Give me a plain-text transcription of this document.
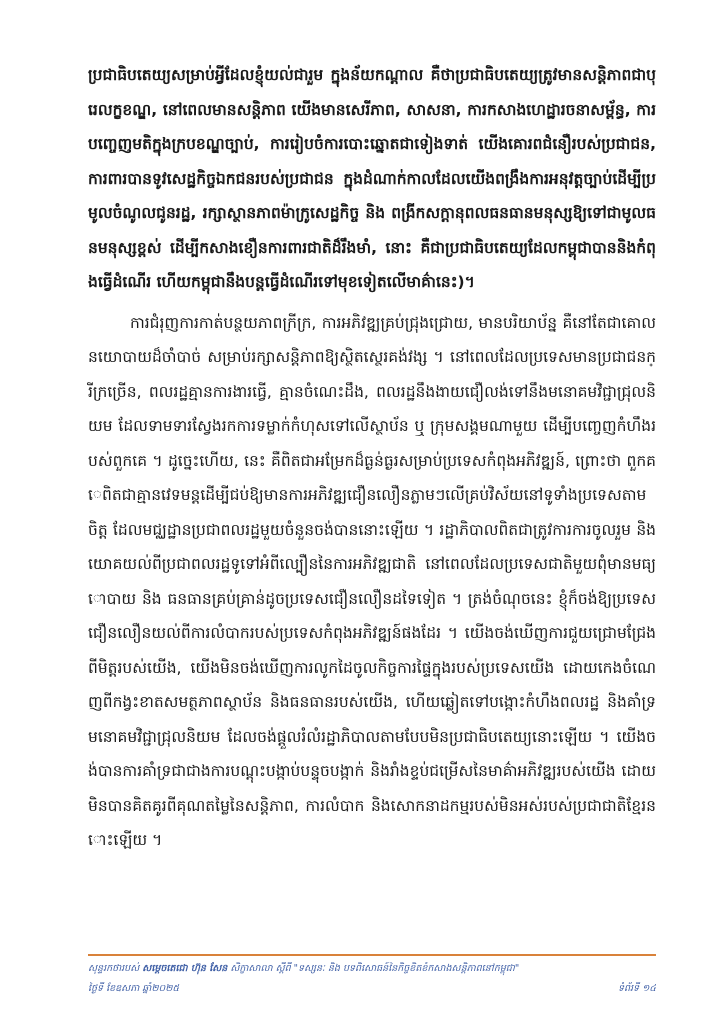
ប្រជាធិបតេយ្យសម្រាប់អ្វីដែលខ្ញុំយល់ជារួម ក្នុងន័យកណ្តាល គឺថាប្រជាធិបតេយ្យត្រូវមានសន្តិភាពជាបុរេលក្ខខណ្ឌ, នៅពេលមានសន្តិភាព យើងមានសេរីភាព, សាសនា, ការកសាងហេដ្ឋារចនាសម្ព័ន្ធ, ការបញ្ចេញមតិក្នុងក្របខណ្ឌច្បាប់, ការរៀបចំការបោះឆ្នោតជាទៀងទាត់ យើងគោរពជំនឿរបស់ប្រជាជន, ការពារបានទូវសេដ្ឋកិច្ចឯកជនរបស់ប្រជាជន ក្នុងដំណាក់កាលដែលយើងពង្រឹងការអនុវត្តច្បាប់ដើម្បីប្រមូលចំណូលជូនរដ្ឋ, រក្សាស្ថានភាពម៉ាក្រូសេដ្ឋកិច្ច និង ពង្រីកសក្តានុពលធនធានមនុស្សឱ្យទៅជាមូលធនមនុស្សខ្ពស់ ដើម្បីកសាងខឿនការពារជាតិដ៏រឹងមាំ, នោះ គឺជាប្រជាធិបតេយ្យដែលកម្ពុជាបាននិងកំពុងធ្វើដំណើរ ហើយកម្ពុជានឹងបន្តធ្វើដំណើរទៅមុខទៀតលើមាគ៌ានេះ)។

ការជំរុញការកាត់បន្ថយភាពក្រីក្រ, ការអភិវឌ្ឍគ្រប់ជ្រុងជ្រោយ, មានបរិយាប័ន្ន គឺនៅតែជាគោលនយោបាយដ៏ចាំបាច់ សម្រាប់រក្សាសន្តិភាពឱ្យស្ថិតស្ថេរគង់វង្ស ។ នៅពេលដែលប្រទេសមានប្រជាជនក្រីក្រច្រើន, ពលរដ្ឋគ្មានការងារធ្វើ, គ្មានចំណេះដឹង, ពលរដ្ឋនឹងងាយជឿលង់ទៅនឹងមនោគមវិជ្ជាជ្រុលនិយម ដែលទាមទារស្វែងរកការទម្លាក់កំហុសទៅលើស្ថាប័ន ឬ ក្រុមសង្គមណាមួយ ដើម្បីបញ្ចេញកំហឹងរបស់ពួកគេ ។ ដូច្នេះហើយ, នេះ គឺពិតជាអម្រែកដ៏ធ្ងន់ធ្ងរសម្រាប់ប្រទេសកំពុងអភិវឌ្ឍន៍, ព្រោះថា ពួកគេពិតជាគ្មានវេទមន្តដើម្បីជប់ឱ្យមានការអភិវឌ្ឍជឿនលឿនភ្លាមៗលើគ្រប់វិស័យនៅទូទាំងប្រទេសតាមចិត្ត ដែលមជ្ឈដ្ឋានប្រជាពលរដ្ឋមួយចំនួនចង់បាននោះឡើយ ។ រដ្ឋាភិបាលពិតជាត្រូវការការចូលរួម និង យោគយល់ពីប្រជាពលរដ្ឋទូទៅអំពីល្បឿននៃការអភិវឌ្ឍជាតិ នៅពេលដែលប្រទេសជាតិមួយពុំមានមធ្យោបាយ និង ធនធានគ្រប់គ្រាន់ដូចប្រទេសជឿនលឿនដទៃទៀត ។ ត្រង់ចំណុចនេះ ខ្ញុំក៏ចង់ឱ្យប្រទេសជឿនលឿនយល់ពីការលំបាករបស់ប្រទេសកំពុងអភិវឌ្ឍន៍ផងដែរ ។ យើងចង់ឃើញការជួយជ្រោមជ្រែងពីមិត្តរបស់យើង, យើងមិនចង់ឃើញការលូកដៃចូលកិច្ចការផ្ទៃក្នុងរបស់ប្រទេសយើង ដោយកេងចំណេញពីកង្វះខាតសមត្ថភាពស្ថាប័ន និងធនធានរបស់យើង, ហើយឆ្លៀតទៅបង្កោះកំហឹងពលរដ្ឋ និងគាំទ្រមនោគមវិជ្ជាជ្រុលនិយម ដែលចង់ផ្តួលរំលំរដ្ឋាភិបាលតាមបែបមិនប្រជាធិបតេយ្យនោះឡើយ ។ យើងចង់បានការគាំទ្រជាជាងការបណ្តុះបង្កាប់បន្ទុចបង្កាក់ និងរាំងខ្ទប់ជម្រើសនៃមាគ៌ាអភិវឌ្ឍរបស់យើង ដោយមិនបានគិតគូរពីគុណតម្លៃនៃសន្តិភាព, ការលំបាក និងសោកនាដកម្មរបស់មិនអស់របស់ប្រជាជាតិខ្មែរនោះឡើយ ។

សុន្ទរកថារបស់ សម្តេចតេជោ ហ៊ុន សែន សិក្ខាសាលា ស្តីពី "ទស្សនៈ និង បទពិសោធន៍នៃកិច្ចខិតខំកសាងសន្តិភាពនៅកម្ពុជា"
ថ្ងៃទី ខែឧសភា ឆ្នាំ២០២៥	ទំព័រទី ១៤
